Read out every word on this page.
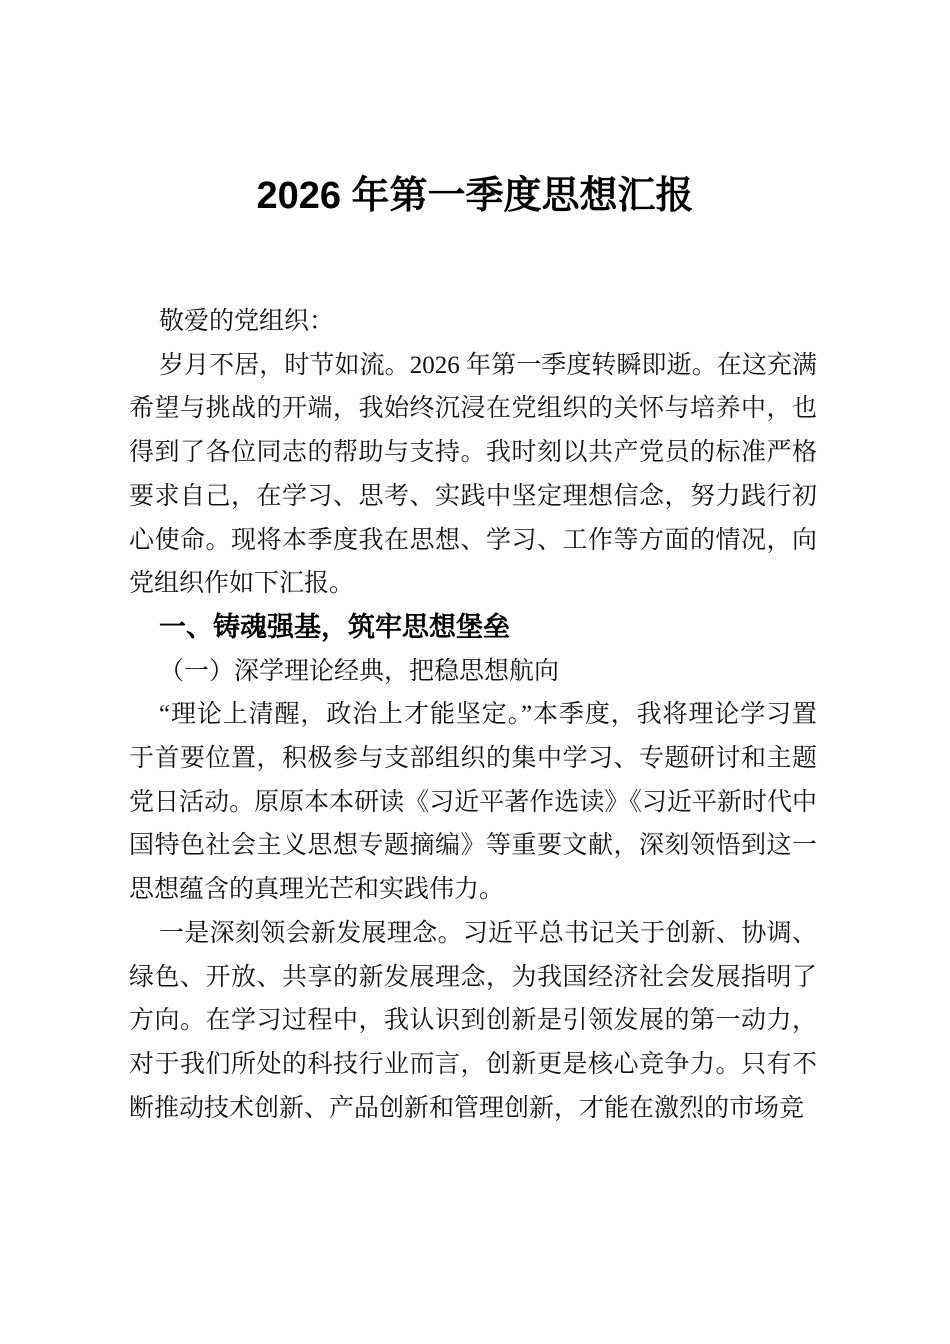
2026 年第一季度思想汇报

敬爱的党组织：

岁月不居，时节如流。2026 年第一季度转瞬即逝。在这充满希望与挑战的开端，我始终沉浸在党组织的关怀与培养中，也得到了各位同志的帮助与支持。我时刻以共产党员的标准严格要求自己，在学习、思考、实践中坚定理想信念，努力践行初心使命。现将本季度我在思想、学习、工作等方面的情况，向党组织作如下汇报。

一、铸魂强基，筑牢思想堡垒

（一）深学理论经典，把稳思想航向

“理论上清醒，政治上才能坚定。”本季度，我将理论学习置于首要位置，积极参与支部组织的集中学习、专题研讨和主题党日活动。原原本本研读《习近平著作选读》《习近平新时代中国特色社会主义思想专题摘编》等重要文献，深刻领悟到这一思想蕴含的真理光芒和实践伟力。

一是深刻领会新发展理念。习近平总书记关于创新、协调、绿色、开放、共享的新发展理念，为我国经济社会发展指明了方向。在学习过程中，我认识到创新是引领发展的第一动力，对于我们所处的科技行业而言，创新更是核心竞争力。只有不断推动技术创新、产品创新和管理创新，才能在激烈的市场竞
